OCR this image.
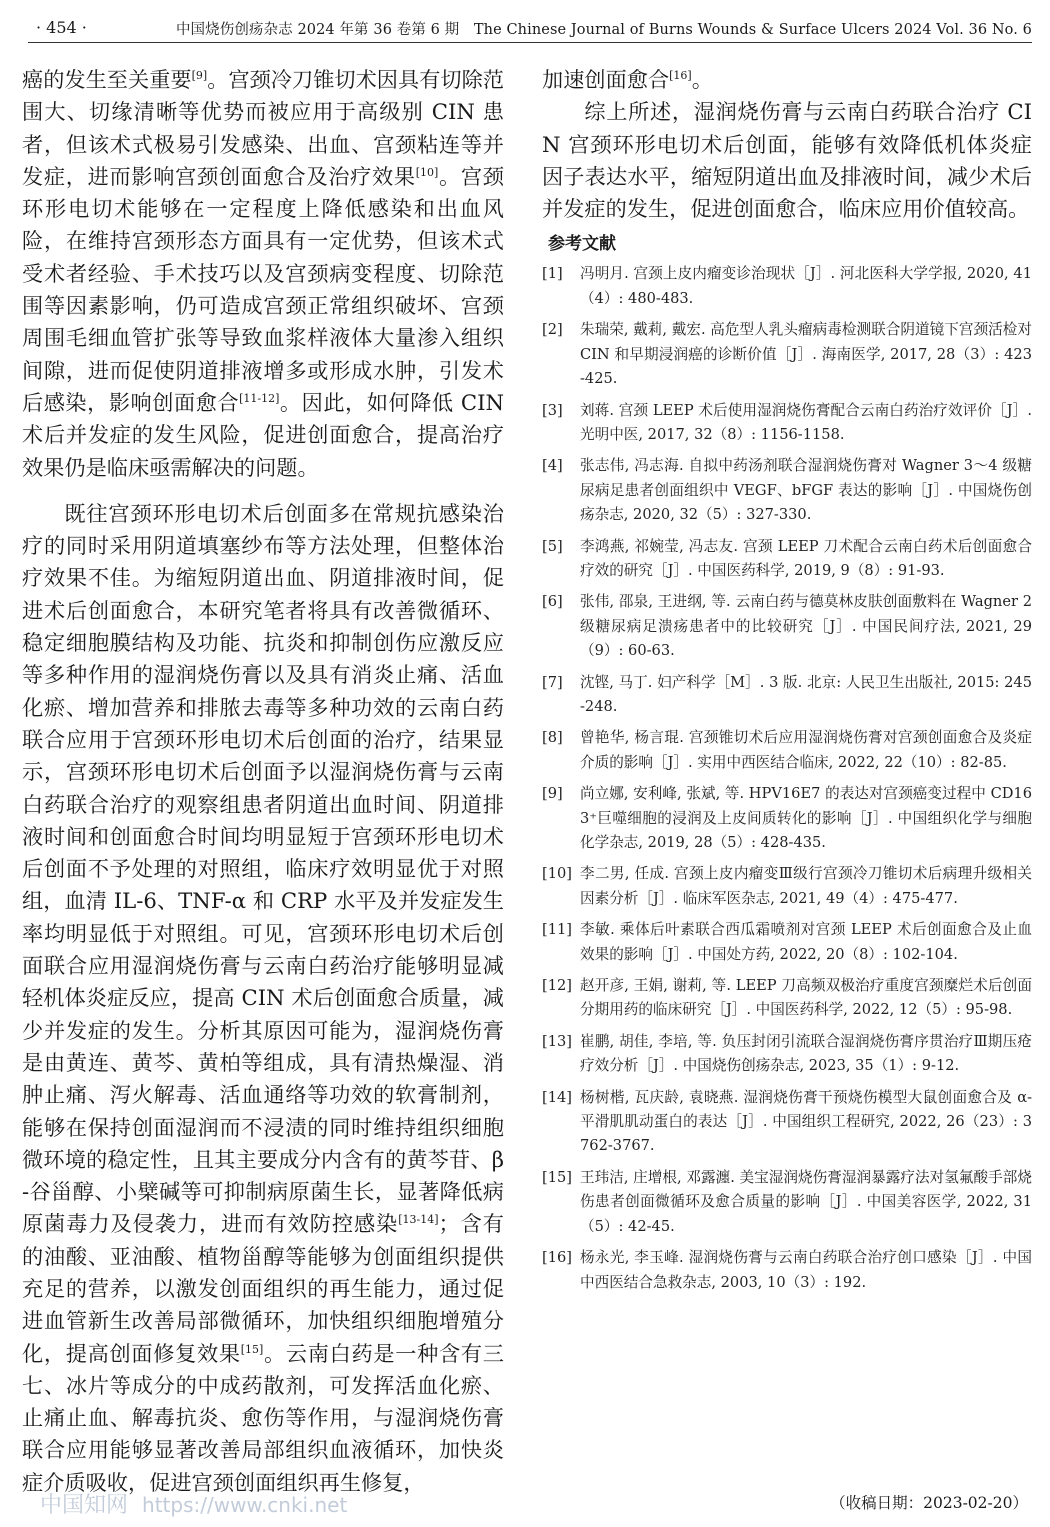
· 454 ·	中国烧伤创疡杂志 2024 年第 36 卷第 6 期　The Chinese Journal of Burns Wounds & Surface Ulcers 2024 Vol. 36 No. 6

癌的发生至关重要[9]。宫颈冷刀锥切术因具有切除范围大、切缘清晰等优势而被应用于高级别 CIN 患者，但该术式极易引发感染、出血、宫颈粘连等并发症，进而影响宫颈创面愈合及治疗效果[10]。宫颈环形电切术能够在一定程度上降低感染和出血风险，在维持宫颈形态方面具有一定优势，但该术式受术者经验、手术技巧以及宫颈病变程度、切除范围等因素影响，仍可造成宫颈正常组织破坏、宫颈周围毛细血管扩张等导致血浆样液体大量渗入组织间隙，进而促使阴道排液增多或形成水肿，引发术后感染，影响创面愈合[11-12]。因此，如何降低 CIN 术后并发症的发生风险，促进创面愈合，提高治疗效果仍是临床亟需解决的问题。

既往宫颈环形电切术后创面多在常规抗感染治疗的同时采用阴道填塞纱布等方法处理，但整体治疗效果不佳。为缩短阴道出血、阴道排液时间，促进术后创面愈合，本研究笔者将具有改善微循环、稳定细胞膜结构及功能、抗炎和抑制创伤应激反应等多种作用的湿润烧伤膏以及具有消炎止痛、活血化瘀、增加营养和排脓去毒等多种功效的云南白药联合应用于宫颈环形电切术后创面的治疗，结果显示，宫颈环形电切术后创面予以湿润烧伤膏与云南白药联合治疗的观察组患者阴道出血时间、阴道排液时间和创面愈合时间均明显短于宫颈环形电切术后创面不予处理的对照组，临床疗效明显优于对照组，血清 IL-6、TNF-α 和 CRP 水平及并发症发生率均明显低于对照组。可见，宫颈环形电切术后创面联合应用湿润烧伤膏与云南白药治疗能够明显减轻机体炎症反应，提高 CIN 术后创面愈合质量，减少并发症的发生。分析其原因可能为，湿润烧伤膏是由黄连、黄芩、黄柏等组成，具有清热燥湿、消肿止痛、泻火解毒、活血通络等功效的软膏制剂，能够在保持创面湿润而不浸渍的同时维持组织细胞微环境的稳定性，且其主要成分内含有的黄芩苷、β-谷甾醇、小檗碱等可抑制病原菌生长，显著降低病原菌毒力及侵袭力，进而有效防控感染[13-14]；含有的油酸、亚油酸、植物甾醇等能够为创面组织提供充足的营养，以激发创面组织的再生能力，通过促进血管新生改善局部微循环，加快组织细胞增殖分化，提高创面修复效果[15]。云南白药是一种含有三七、冰片等成分的中成药散剂，可发挥活血化瘀、止痛止血、解毒抗炎、愈伤等作用，与湿润烧伤膏联合应用能够显著改善局部组织血液循环，加快炎症介质吸收，促进宫颈创面组织再生修复，

加速创面愈合[16]。

综上所述，湿润烧伤膏与云南白药联合治疗 CIN 宫颈环形电切术后创面，能够有效降低机体炎症因子表达水平，缩短阴道出血及排液时间，减少术后并发症的发生，促进创面愈合，临床应用价值较高。

参考文献
[1]	冯明月. 宫颈上皮内瘤变诊治现状［J］. 河北医科大学学报, 2020, 41（4）: 480-483.
[2]	朱瑞荣, 戴莉, 戴宏. 高危型人乳头瘤病毒检测联合阴道镜下宫颈活检对 CIN 和早期浸润癌的诊断价值［J］. 海南医学, 2017, 28（3）: 423-425.
[3]	刘蒋. 宫颈 LEEP 术后使用湿润烧伤膏配合云南白药治疗效评价［J］. 光明中医, 2017, 32（8）: 1156-1158.
[4]	张志伟, 冯志海. 自拟中药汤剂联合湿润烧伤膏对 Wagner 3～4 级糖尿病足患者创面组织中 VEGF、bFGF 表达的影响［J］. 中国烧伤创疡杂志, 2020, 32（5）: 327-330.
[5]	李鸿燕, 祁婉莹, 冯志友. 宫颈 LEEP 刀术配合云南白药术后创面愈合疗效的研究［J］. 中国医药科学, 2019, 9（8）: 91-93.
[6]	张伟, 邵泉, 王进纲, 等. 云南白药与德莫林皮肤创面敷料在 Wagner 2 级糖尿病足溃疡患者中的比较研究［J］. 中国民间疗法, 2021, 29（9）: 60-63.
[7]	沈铿, 马丁. 妇产科学［M］. 3 版. 北京: 人民卫生出版社, 2015: 245-248.
[8]	曾艳华, 杨言琨. 宫颈锥切术后应用湿润烧伤膏对宫颈创面愈合及炎症介质的影响［J］. 实用中西医结合临床, 2022, 22（10）: 82-85.
[9]	尚立娜, 安利峰, 张斌, 等. HPV16E7 的表达对宫颈癌变过程中 CD163⁺巨噬细胞的浸润及上皮间质转化的影响［J］. 中国组织化学与细胞化学杂志, 2019, 28（5）: 428-435.
[10] 李二男, 任成. 宫颈上皮内瘤变Ⅲ级行宫颈冷刀锥切术后病理升级相关因素分析［J］. 临床军医杂志, 2021, 49（4）: 475-477.
[11] 李敏. 乘体后叶素联合西瓜霜喷剂对宫颈 LEEP 术后创面愈合及止血效果的影响［J］. 中国处方药, 2022, 20（8）: 102-104.
[12] 赵开彦, 王娟, 谢莉, 等. LEEP 刀高频双极治疗重度宫颈糜烂术后创面分期用药的临床研究［J］. 中国医药科学, 2022, 12（5）: 95-98.
[13] 崔鹏, 胡佳, 李培, 等. 负压封闭引流联合湿润烧伤膏序贯治疗Ⅲ期压疮疗效分析［J］. 中国烧伤创疡杂志, 2023, 35（1）: 9-12.
[14] 杨树楷, 瓦庆龄, 袁晓燕. 湿润烧伤膏干预烧伤模型大鼠创面愈合及 α-平滑肌肌动蛋白的表达［J］. 中国组织工程研究, 2022, 26（23）: 3762-3767.
[15] 王玮洁, 庄增根, 邓露瀍. 美宝湿润烧伤膏湿润暴露疗法对氢氟酸手部烧伤患者创面微循环及愈合质量的影响［J］. 中国美容医学, 2022, 31（5）: 42-45.
[16] 杨永光, 李玉峰. 湿润烧伤膏与云南白药联合治疗创口感染［J］. 中国中西医结合急救杂志, 2003, 10（3）: 192.
（收稿日期：2023-02-20）
中国知网 https://www.cnki.net
